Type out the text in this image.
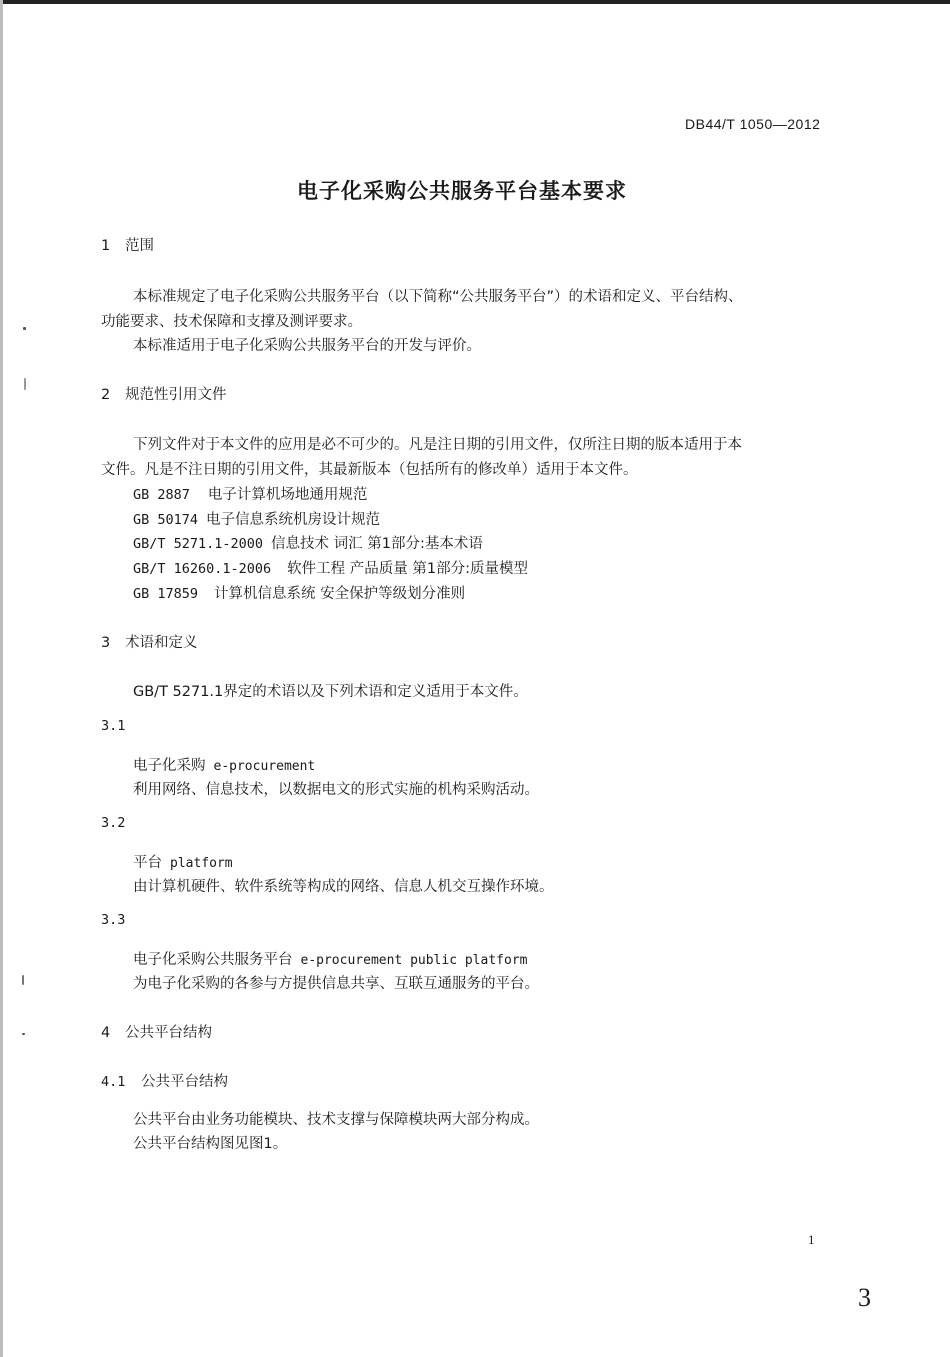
DB44/T 1050—2012
电子化采购公共服务平台基本要求
1 范围
本标准规定了电子化采购公共服务平台（以下简称“公共服务平台”）的术语和定义、平台结构、
功能要求、技术保障和支撑及测评要求。
本标准适用于电子化采购公共服务平台的开发与评价。
2 规范性引用文件
下列文件对于本文件的应用是必不可少的。凡是注日期的引用文件，仅所注日期的版本适用于本
文件。凡是不注日期的引用文件，其最新版本（包括所有的修改单）适用于本文件。
GB 2887 电子计算机场地通用规范
GB 50174 电子信息系统机房设计规范
GB/T 5271.1-2000 信息技术 词汇 第1部分:基本术语
GB/T 16260.1-2006 软件工程 产品质量 第1部分:质量模型
GB 17859 计算机信息系统 安全保护等级划分准则
3 术语和定义
GB/T 5271.1界定的术语以及下列术语和定义适用于本文件。
3.1
电子化采购 e-procurement
利用网络、信息技术，以数据电文的形式实施的机构采购活动。
3.2
平台 platform
由计算机硬件、软件系统等构成的网络、信息人机交互操作环境。
3.3
电子化采购公共服务平台 e-procurement public platform
为电子化采购的各参与方提供信息共享、互联互通服务的平台。
4 公共平台结构
4.1 公共平台结构
公共平台由业务功能模块、技术支撑与保障模块两大部分构成。
公共平台结构图见图1。
1
3
